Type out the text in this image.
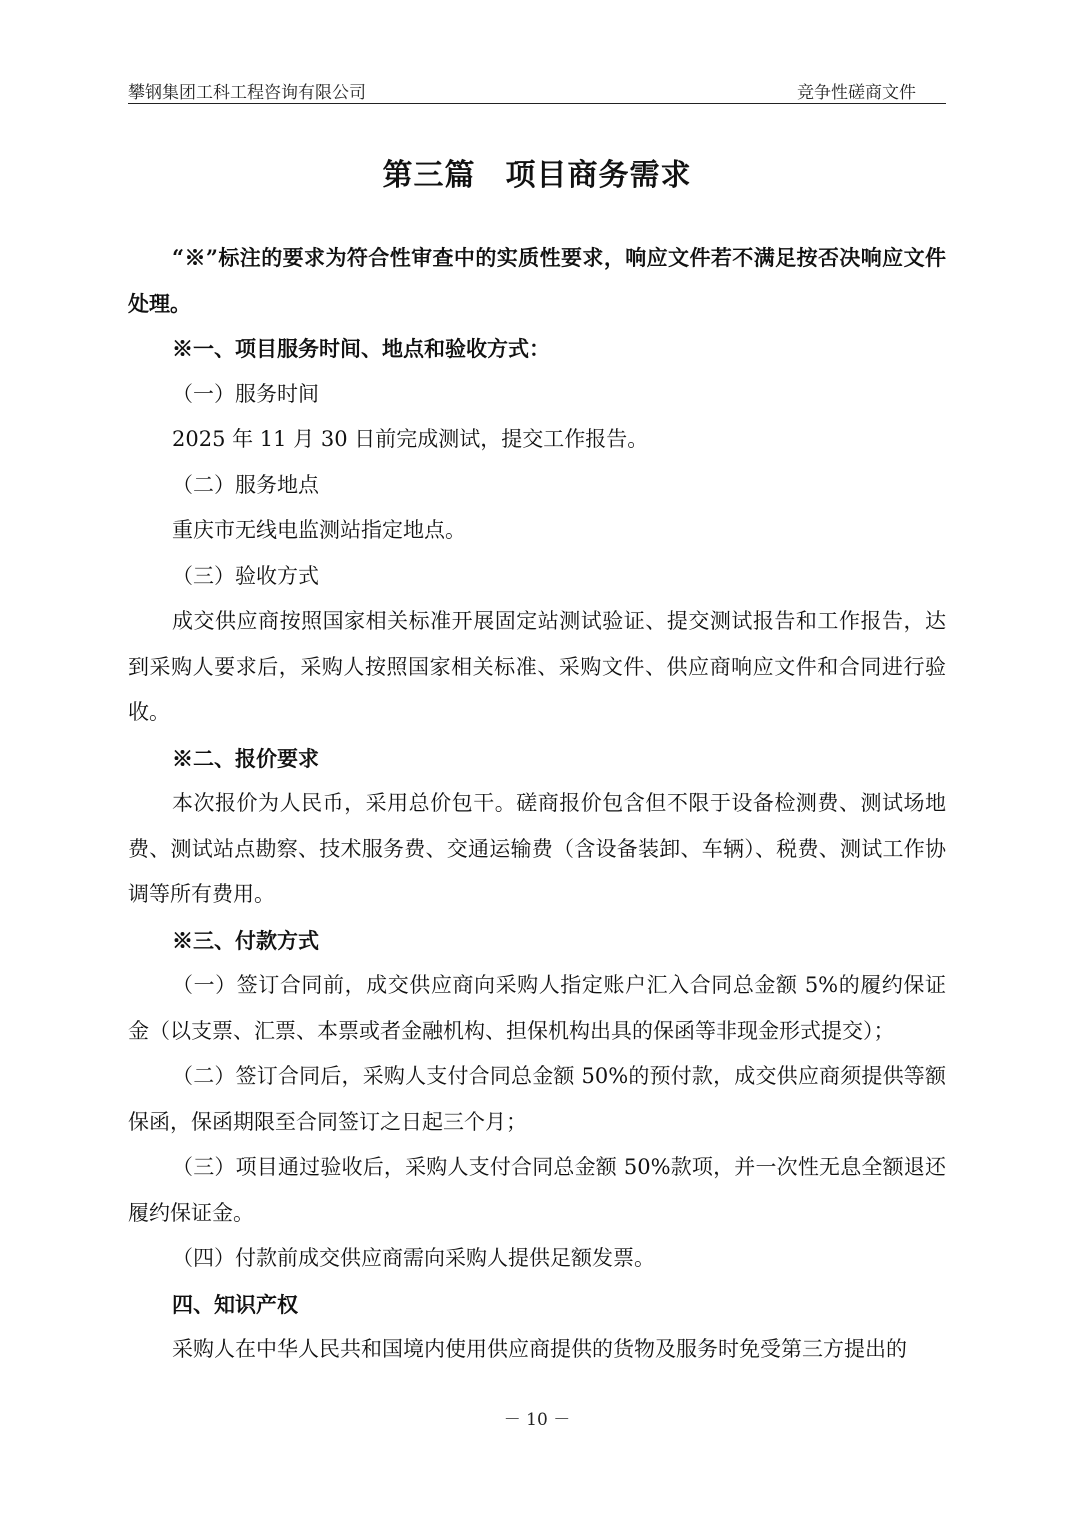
攀钢集团工科工程咨询有限公司	竞争性磋商文件
第三篇 项目商务需求

“※”标注的要求为符合性审查中的实质性要求，响应文件若不满足按否决响应文件处理。

※一、项目服务时间、地点和验收方式：

（一）服务时间

2025 年 11 月 30 日前完成测试，提交工作报告。

（二）服务地点

重庆市无线电监测站指定地点。

（三）验收方式

成交供应商按照国家相关标准开展固定站测试验证、提交测试报告和工作报告，达到采购人要求后，采购人按照国家相关标准、采购文件、供应商响应文件和合同进行验收。

※二、报价要求

本次报价为人民币，采用总价包干。磋商报价包含但不限于设备检测费、测试场地费、测试站点勘察、技术服务费、交通运输费（含设备装卸、车辆）、税费、测试工作协调等所有费用。

※三、付款方式

（一）签订合同前，成交供应商向采购人指定账户汇入合同总金额 5%的履约保证金（以支票、汇票、本票或者金融机构、担保机构出具的保函等非现金形式提交）；

（二）签订合同后，采购人支付合同总金额 50%的预付款，成交供应商须提供等额保函，保函期限至合同签订之日起三个月；

（三）项目通过验收后，采购人支付合同总金额 50%款项，并一次性无息全额退还履约保证金。

（四）付款前成交供应商需向采购人提供足额发票。

四、知识产权

采购人在中华人民共和国境内使用供应商提供的货物及服务时免受第三方提出的

－ 10 －
